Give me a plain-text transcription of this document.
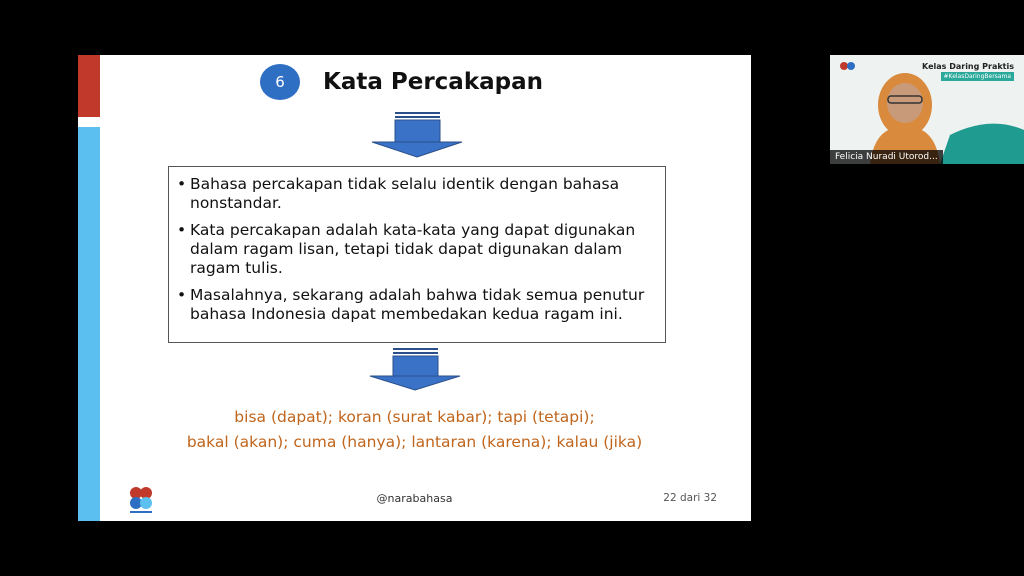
6	Kata Percakapan
• Bahasa percakapan tidak selalu identik dengan bahasa nonstandar.
• Kata percakapan adalah kata-kata yang dapat digunakan dalam ragam lisan, tetapi tidak dapat digunakan dalam ragam tulis.
• Masalahnya, sekarang adalah bahwa tidak semua penutur bahasa Indonesia dapat membedakan kedua ragam ini.
bisa (dapat); koran (surat kabar); tapi (tetapi);
bakal (akan); cuma (hanya); lantaran (karena); kalau (jika)
@narabahasa	22 dari 32
Kelas Daring Praktis
#KelasDaringBersama
Felicia Nuradi Utorod...
